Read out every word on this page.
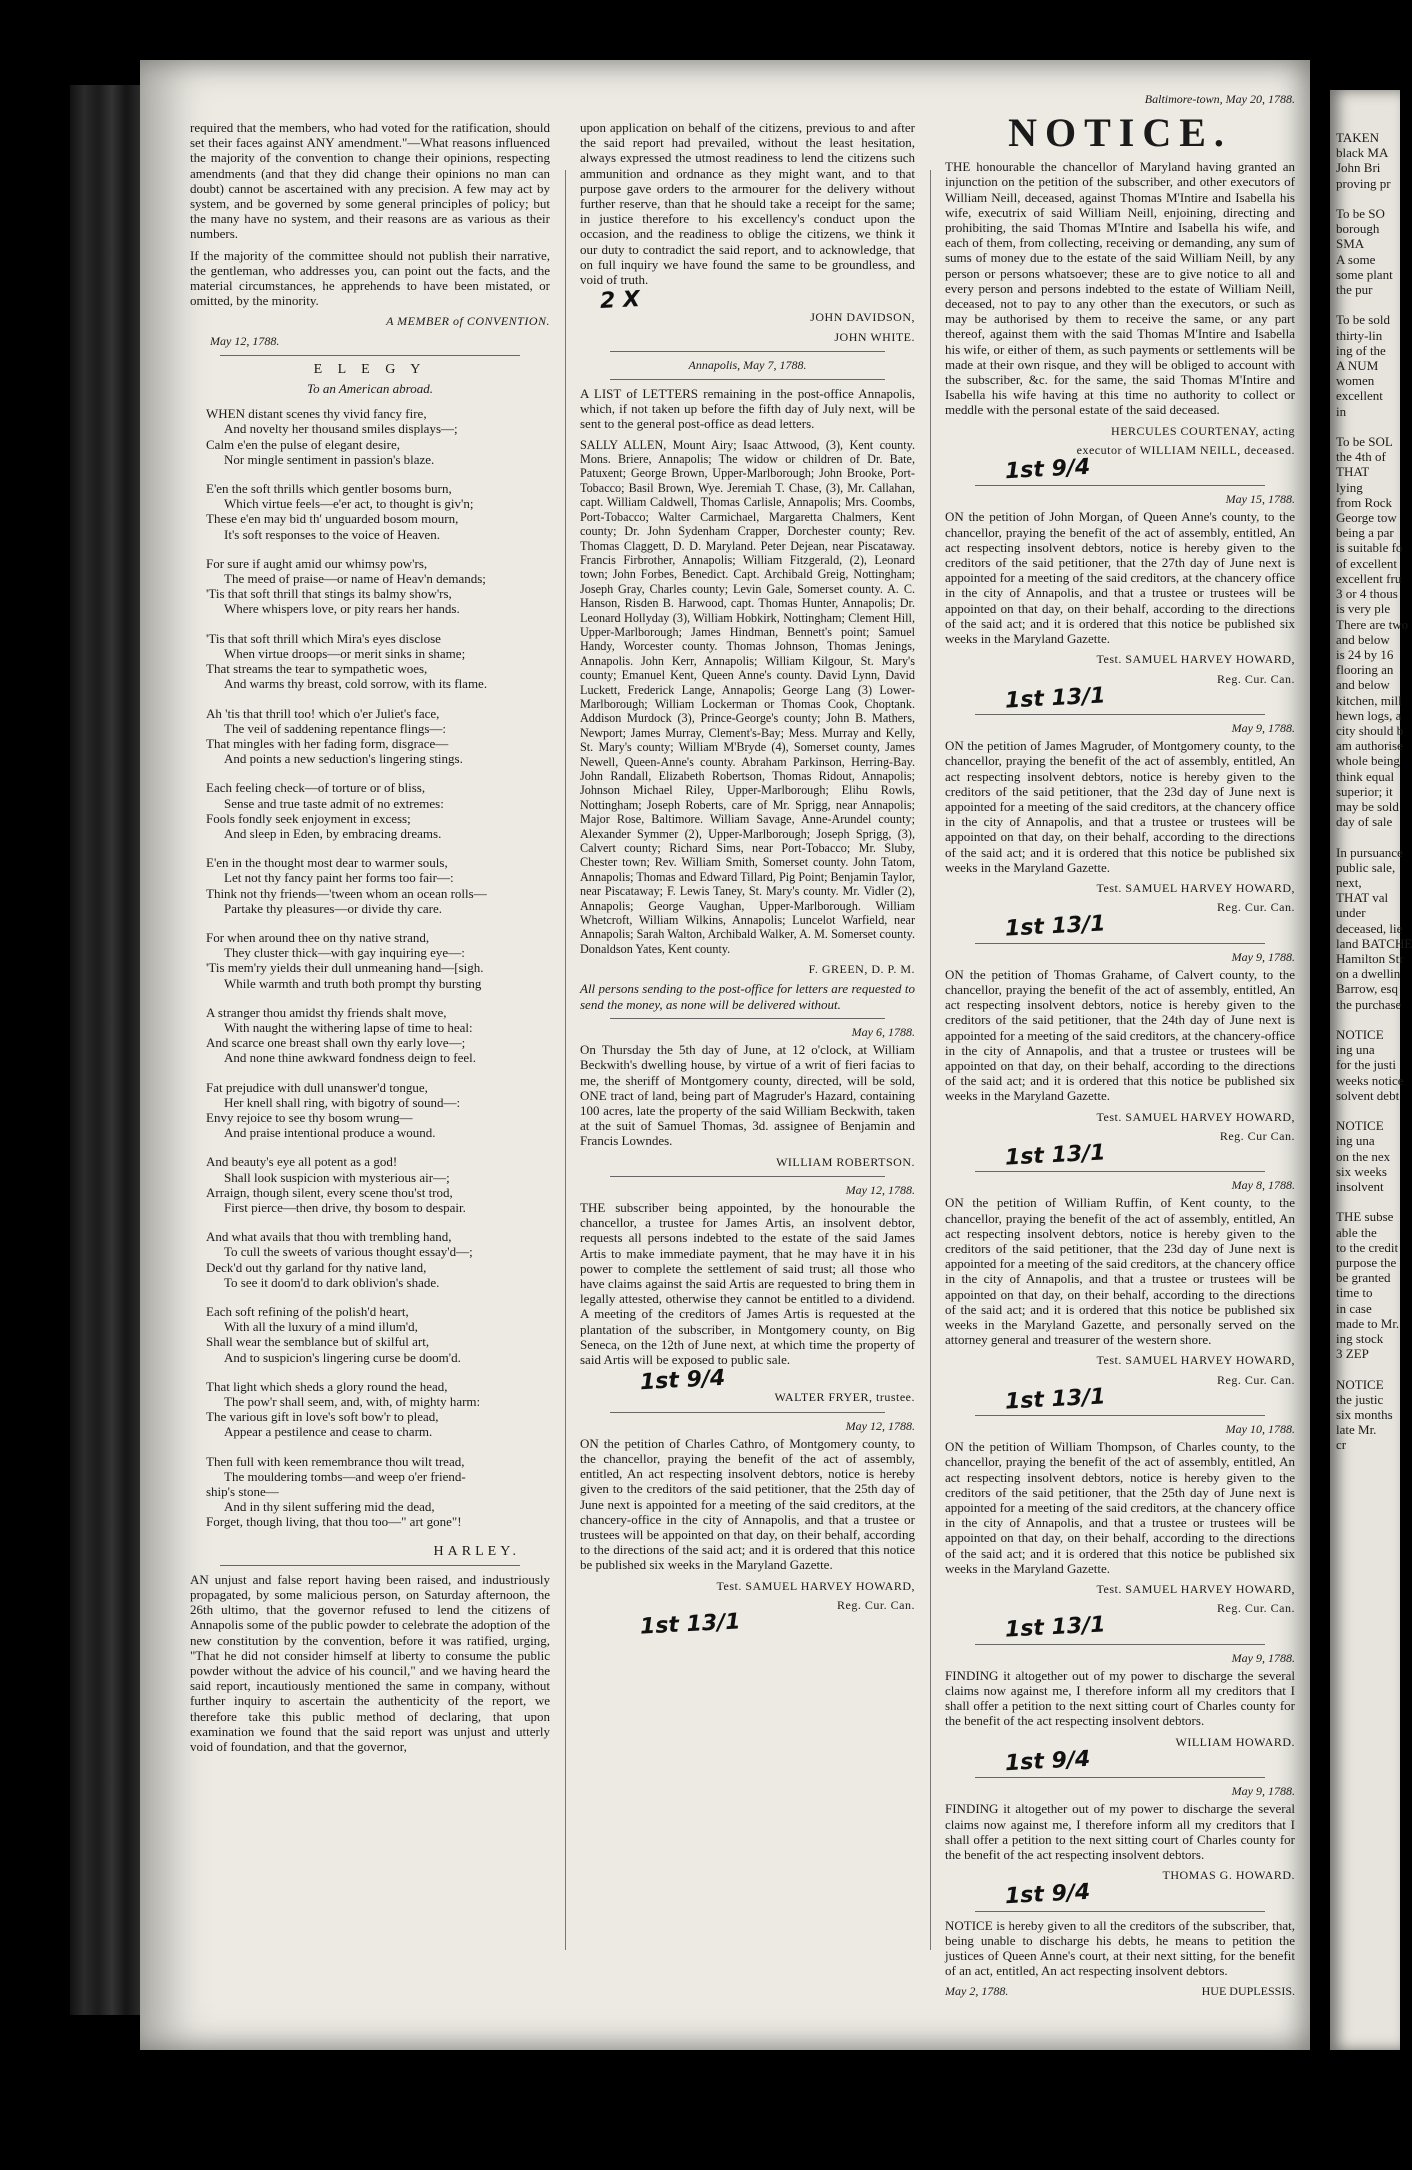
required that the members, who had voted for the ratification, should set their faces against ANY amendment."—What reasons influenced the majority of the convention to change their opinions, respecting amendments (and that they did change their opinions no man can doubt) cannot be ascertained with any precision. A few may act by system, and be governed by some general principles of policy; but the many have no system, and their reasons are as various as their numbers.

If the majority of the committee should not publish their narrative, the gentleman, who addresses you, can point out the facts, and the material circumstances, he apprehends to have been mistated, or omitted, by the minority.

A MEMBER of CONVENTION.
May 12, 1788.
E L E G Y
To an American abroad.
WHEN distant scenes thy vivid fancy fire,
And novelty her thousand smiles displays—;
Calm e'en the pulse of elegant desire,
Nor mingle sentiment in passion's blaze.
E'en the soft thrills which gentler bosoms burn,
Which virtue feels—e'er act, to thought is giv'n;
These e'en may bid th' unguarded bosom mourn,
It's soft responses to the voice of Heaven.
For sure if aught amid our whimsy pow'rs,
The meed of praise—or name of Heav'n demands;
'Tis that soft thrill that stings its balmy show'rs,
Where whispers love, or pity rears her hands.
'Tis that soft thrill which Mira's eyes disclose
When virtue droops—or merit sinks in shame;
That streams the tear to sympathetic woes,
And warms thy breast, cold sorrow, with its flame.
Ah 'tis that thrill too! which o'er Juliet's face,
The veil of saddening repentance flings—:
That mingles with her fading form, disgrace—
And points a new seduction's lingering stings.
Each feeling check—of torture or of bliss,
Sense and true taste admit of no extremes:
Fools fondly seek enjoyment in excess;
And sleep in Eden, by embracing dreams.
E'en in the thought most dear to warmer souls,
Let not thy fancy paint her forms too fair—:
Think not thy friends—'tween whom an ocean rolls—
Partake thy pleasures—or divide thy care.
For when around thee on thy native strand,
They cluster thick—with gay inquiring eye—:
'Tis mem'ry yields their dull unmeaning hand—[sigh.
While warmth and truth both prompt thy bursting
A stranger thou amidst thy friends shalt move,
With naught the withering lapse of time to heal:
And scarce one breast shall own thy early love—;
And none thine awkward fondness deign to feel.
Fat prejudice with dull unanswer'd tongue,
Her knell shall ring, with bigotry of sound—:
Envy rejoice to see thy bosom wrung—
And praise intentional produce a wound.
And beauty's eye all potent as a god!
Shall look suspicion with mysterious air—;
Arraign, though silent, every scene thou'st trod,
First pierce—then drive, thy bosom to despair.
And what avails that thou with trembling hand,
To cull the sweets of various thought essay'd—;
Deck'd out thy garland for thy native land,
To see it doom'd to dark oblivion's shade.
Each soft refining of the polish'd heart,
With all the luxury of a mind illum'd,
Shall wear the semblance but of skilful art,
And to suspicion's lingering curse be doom'd.
That light which sheds a glory round the head,
The pow'r shall seem, and, with, of mighty harm:
The various gift in love's soft bow'r to plead,
Appear a pestilence and cease to charm.
Then full with keen remembrance thou wilt tread,
The mouldering tombs—and weep o'er friend-
ship's stone—
And in thy silent suffering mid the dead,
Forget, though living, that thou too—" art gone"!
HARLEY.

AN unjust and false report having been raised, and industriously propagated, by some malicious person, on Saturday afternoon, the 26th ultimo, that the governor refused to lend the citizens of Annapolis some of the public powder to celebrate the adoption of the new constitution by the convention, before it was ratified, urging, "That he did not consider himself at liberty to consume the public powder without the advice of his council," and we having heard the said report, incautiously mentioned the same in company, without further inquiry to ascertain the authenticity of the report, we therefore take this public method of declaring, that upon examination we found that the said report was unjust and utterly void of foundation, and that the governor,

upon application on behalf of the citizens, previous to and after the said report had prevailed, without the least hesitation, always expressed the utmost readiness to lend the citizens such ammunition and ordnance as they might want, and to that purpose gave orders to the armourer for the delivery without further reserve, than that he should take a receipt for the same; in justice therefore to his excellency's conduct upon the occasion, and the readiness to oblige the citizens, we think it our duty to contradict the said report, and to acknowledge, that on full inquiry we have found the same to be groundless, and void of truth.

2 X
JOHN DAVIDSON,
JOHN WHITE.
Annapolis, May 7, 1788.

A LIST of LETTERS remaining in the post-office Annapolis, which, if not taken up before the fifth day of July next, will be sent to the general post-office as dead letters.

SALLY ALLEN, Mount Airy; Isaac Attwood, (3), Kent county. Mons. Briere, Annapolis; The widow or children of Dr. Bate, Patuxent; George Brown, Upper-Marlborough; John Brooke, Port-Tobacco; Basil Brown, Wye. Jeremiah T. Chase, (3), Mr. Callahan, capt. William Caldwell, Thomas Carlisle, Annapolis; Mrs. Coombs, Port-Tobacco; Walter Carmichael, Margaretta Chalmers, Kent county; Dr. John Sydenham Crapper, Dorchester county; Rev. Thomas Claggett, D. D. Maryland. Peter Dejean, near Piscataway. Francis Firbrother, Annapolis; William Fitzgerald, (2), Leonard town; John Forbes, Benedict. Capt. Archibald Greig, Nottingham; Joseph Gray, Charles county; Levin Gale, Somerset county. A. C. Hanson, Risden B. Harwood, capt. Thomas Hunter, Annapolis; Dr. Leonard Hollyday (3), William Hobkirk, Nottingham; Clement Hill, Upper-Marlborough; James Hindman, Bennett's point; Samuel Handy, Worcester county. Thomas Johnson, Thomas Jenings, Annapolis. John Kerr, Annapolis; William Kilgour, St. Mary's county; Emanuel Kent, Queen Anne's county. David Lynn, David Luckett, Frederick Lange, Annapolis; George Lang (3) Lower-Marlborough; William Lockerman or Thomas Cook, Choptank. Addison Murdock (3), Prince-George's county; John B. Mathers, Newport; James Murray, Clement's-Bay; Mess. Murray and Kelly, St. Mary's county; William M'Bryde (4), Somerset county, James Newell, Queen-Anne's county. Abraham Parkinson, Herring-Bay. John Randall, Elizabeth Robertson, Thomas Ridout, Annapolis; Johnson Michael Riley, Upper-Marlborough; Elihu Rowls, Nottingham; Joseph Roberts, care of Mr. Sprigg, near Annapolis; Major Rose, Baltimore. William Savage, Anne-Arundel county; Alexander Symmer (2), Upper-Marlborough; Joseph Sprigg, (3), Calvert county; Richard Sims, near Port-Tobacco; Mr. Sluby, Chester town; Rev. William Smith, Somerset county. John Tatom, Annapolis; Thomas and Edward Tillard, Pig Point; Benjamin Taylor, near Piscataway; F. Lewis Taney, St. Mary's county. Mr. Vidler (2), Annapolis; George Vaughan, Upper-Marlborough. William Whetcroft, William Wilkins, Annapolis; Luncelot Warfield, near Annapolis; Sarah Walton, Archibald Walker, A. M. Somerset county. Donaldson Yates, Kent county.

F. GREEN, D. P. M.

All persons sending to the post-office for letters are requested to send the money, as none will be delivered without.

May 6, 1788.

On Thursday the 5th day of June, at 12 o'clock, at William Beckwith's dwelling house, by virtue of a writ of fieri facias to me, the sheriff of Montgomery county, directed, will be sold, ONE tract of land, being part of Magruder's Hazard, containing 100 acres, late the property of the said William Beckwith, taken at the suit of Samuel Thomas, 3d. assignee of Benjamin and Francis Lowndes.

WILLIAM ROBERTSON.
May 12, 1788.

THE subscriber being appointed, by the honourable the chancellor, a trustee for James Artis, an insolvent debtor, requests all persons indebted to the estate of the said James Artis to make immediate payment, that he may have it in his power to complete the settlement of said trust; all those who have claims against the said Artis are requested to bring them in legally attested, otherwise they cannot be entitled to a dividend. A meeting of the creditors of James Artis is requested at the plantation of the subscriber, in Montgomery county, on Big Seneca, on the 12th of June next, at which time the property of said Artis will be exposed to public sale.

1st 9/4
WALTER FRYER, trustee.
May 12, 1788.

ON the petition of Charles Cathro, of Montgomery county, to the chancellor, praying the benefit of the act of assembly, entitled, An act respecting insolvent debtors, notice is hereby given to the creditors of the said petitioner, that the 25th day of June next is appointed for a meeting of the said creditors, at the chancery-office in the city of Annapolis, and that a trustee or trustees will be appointed on that day, on their behalf, according to the directions of the said act; and it is ordered that this notice be published six weeks in the Maryland Gazette.

Test. SAMUEL HARVEY HOWARD,
Reg. Cur. Can.
1st 13/1
Baltimore-town, May 20, 1788.
NOTICE.

THE honourable the chancellor of Maryland having granted an injunction on the petition of the subscriber, and other executors of William Neill, deceased, against Thomas M'Intire and Isabella his wife, executrix of said William Neill, enjoining, directing and prohibiting, the said Thomas M'Intire and Isabella his wife, and each of them, from collecting, receiving or demanding, any sum of sums of money due to the estate of the said William Neill, by any person or persons whatsoever; these are to give notice to all and every person and persons indebted to the estate of William Neill, deceased, not to pay to any other than the executors, or such as may be authorised by them to receive the same, or any part thereof, against them with the said Thomas M'Intire and Isabella his wife, or either of them, as such payments or settlements will be made at their own risque, and they will be obliged to account with the subscriber, &c. for the same, the said Thomas M'Intire and Isabella his wife having at this time no authority to collect or meddle with the personal estate of the said deceased.

HERCULES COURTENAY, acting
executor of WILLIAM NEILL, deceased.
1st 9/4
May 15, 1788.

ON the petition of John Morgan, of Queen Anne's county, to the chancellor, praying the benefit of the act of assembly, entitled, An act respecting insolvent debtors, notice is hereby given to the creditors of the said petitioner, that the 27th day of June next is appointed for a meeting of the said creditors, at the chancery office in the city of Annapolis, and that a trustee or trustees will be appointed on that day, on their behalf, according to the directions of the said act; and it is ordered that this notice be published six weeks in the Maryland Gazette.

Test. SAMUEL HARVEY HOWARD,
Reg. Cur. Can.
1st 13/1
May 9, 1788.

ON the petition of James Magruder, of Montgomery county, to the chancellor, praying the benefit of the act of assembly, entitled, An act respecting insolvent debtors, notice is hereby given to the creditors of the said petitioner, that the 23d day of June next is appointed for a meeting of the said creditors, at the chancery office in the city of Annapolis, and that a trustee or trustees will be appointed on that day, on their behalf, according to the directions of the said act; and it is ordered that this notice be published six weeks in the Maryland Gazette.

Test. SAMUEL HARVEY HOWARD,
Reg. Cur. Can.
1st 13/1
May 9, 1788.

ON the petition of Thomas Grahame, of Calvert county, to the chancellor, praying the benefit of the act of assembly, entitled, An act respecting insolvent debtors, notice is hereby given to the creditors of the said petitioner, that the 24th day of June next is appointed for a meeting of the said creditors, at the chancery-office in the city of Annapolis, and that a trustee or trustees will be appointed on that day, on their behalf, according to the directions of the said act; and it is ordered that this notice be published six weeks in the Maryland Gazette.

Test. SAMUEL HARVEY HOWARD,
Reg. Cur Can.
1st 13/1
May 8, 1788.

ON the petition of William Ruffin, of Kent county, to the chancellor, praying the benefit of the act of assembly, entitled, An act respecting insolvent debtors, notice is hereby given to the creditors of the said petitioner, that the 23d day of June next is appointed for a meeting of the said creditors, at the chancery office in the city of Annapolis, and that a trustee or trustees will be appointed on that day, on their behalf, according to the directions of the said act; and it is ordered that this notice be published six weeks in the Maryland Gazette, and personally served on the attorney general and treasurer of the western shore.

Test. SAMUEL HARVEY HOWARD,
Reg. Cur. Can.
1st 13/1
May 10, 1788.

ON the petition of William Thompson, of Charles county, to the chancellor, praying the benefit of the act of assembly, entitled, An act respecting insolvent debtors, notice is hereby given to the creditors of the said petitioner, that the 25th day of June next is appointed for a meeting of the said creditors, at the chancery office in the city of Annapolis, and that a trustee or trustees will be appointed on that day, on their behalf, according to the directions of the said act; and it is ordered that this notice be published six weeks in the Maryland Gazette.

Test. SAMUEL HARVEY HOWARD,
Reg. Cur. Can.
1st 13/1
May 9, 1788.

FINDING it altogether out of my power to discharge the several claims now against me, I therefore inform all my creditors that I shall offer a petition to the next sitting court of Charles county for the benefit of the act respecting insolvent debtors.

WILLIAM HOWARD.
1st 9/4
May 9, 1788.

FINDING it altogether out of my power to discharge the several claims now against me, I therefore inform all my creditors that I shall offer a petition to the next sitting court of Charles county for the benefit of the act respecting insolvent debtors.

THOMAS G. HOWARD.
1st 9/4

NOTICE is hereby given to all the creditors of the subscriber, that, being unable to discharge his debts, he means to petition the justices of Queen Anne's court, at their next sitting, for the benefit of an act, entitled, An act respecting insolvent debtors.

May 2, 1788.	HUE DUPLESSIS.
TAKEN
black MA
John Bri
proving pr

To be SO
borough
SMA
A some
some plant
the pur

To be sold
thirty-lin
ing of the
A NUM
women
excellent
in

To be SOL
the 4th of
THAT
lying
from Rock
George tow
being a par
is suitable fo
of excellent
excellent fru
3 or 4 thous
is very ple
There are two
and below
is 24 by 16
flooring an
and below
kitchen, mill
hewn logs, a
city should b
am authorise
whole being
think equal
superior; it
may be sold
day of sale

In pursuance
public sale,
next,
THAT val
under
deceased, lie
land BATCHE
Hamilton Str
on a dwellin
Barrow, esq
the purchase

NOTICE
ing una
for the justi
weeks notice
solvent debt

NOTICE
ing una
on the nex
six weeks
insolvent

THE subse
able the
to the credit
purpose the
be granted
time to
in case
made to Mr.
ing stock
3 ZEP

NOTICE
the justic
six months
late Mr.
cr
